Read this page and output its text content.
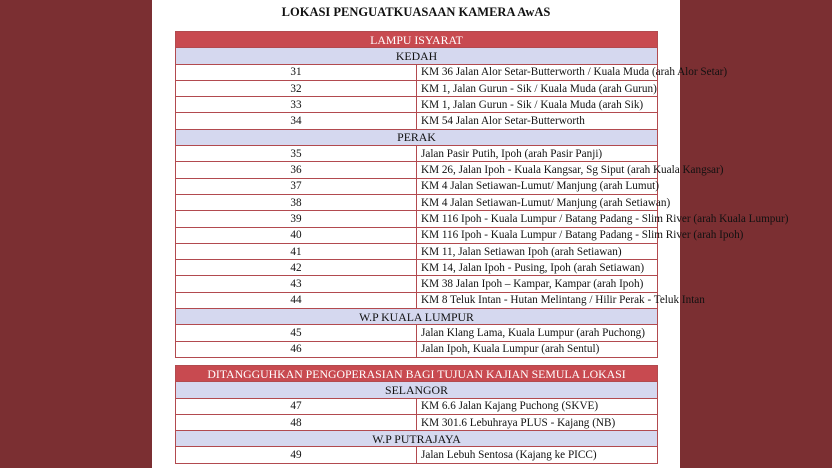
LOKASI PENGUATKUASAAN KAMERA AwAS
LAMPU ISYARAT	
KEDAH	
31	KM 36 Jalan Alor Setar-Butterworth / Kuala Muda (arah Alor Setar)
32	KM 1, Jalan Gurun - Sik / Kuala Muda (arah Gurun)
33	KM 1, Jalan Gurun - Sik / Kuala Muda (arah Sik)
34	KM 54 Jalan Alor Setar-Butterworth
PERAK	
35	Jalan Pasir Putih, Ipoh (arah Pasir Panji)
36	KM 26, Jalan Ipoh - Kuala Kangsar, Sg Siput (arah Kuala Kangsar)
37	KM 4 Jalan Setiawan-Lumut/ Manjung (arah Lumut)
38	KM 4 Jalan Setiawan-Lumut/ Manjung (arah Setiawan)
39	KM 116 Ipoh - Kuala Lumpur / Batang Padang - Slim River (arah Kuala Lumpur)
40	KM 116 Ipoh - Kuala Lumpur / Batang Padang - Slim River (arah Ipoh)
41	KM 11, Jalan Setiawan Ipoh (arah Setiawan)
42	KM 14, Jalan Ipoh - Pusing, Ipoh (arah Setiawan)
43	KM 38 Jalan Ipoh – Kampar, Kampar (arah Ipoh)
44	KM 8 Teluk Intan - Hutan Melintang / Hilir Perak - Teluk Intan
W.P KUALA LUMPUR	
45	Jalan Klang Lama, Kuala Lumpur (arah Puchong)
46	Jalan Ipoh, Kuala Lumpur (arah Sentul)
DITANGGUHKAN PENGOPERASIAN BAGI TUJUAN KAJIAN SEMULA LOKASI	
SELANGOR	
47	KM 6.6 Jalan Kajang Puchong (SKVE)
48	KM 301.6 Lebuhraya PLUS - Kajang (NB)
W.P PUTRAJAYA	
49	Jalan Lebuh Sentosa (Kajang ke PICC)
